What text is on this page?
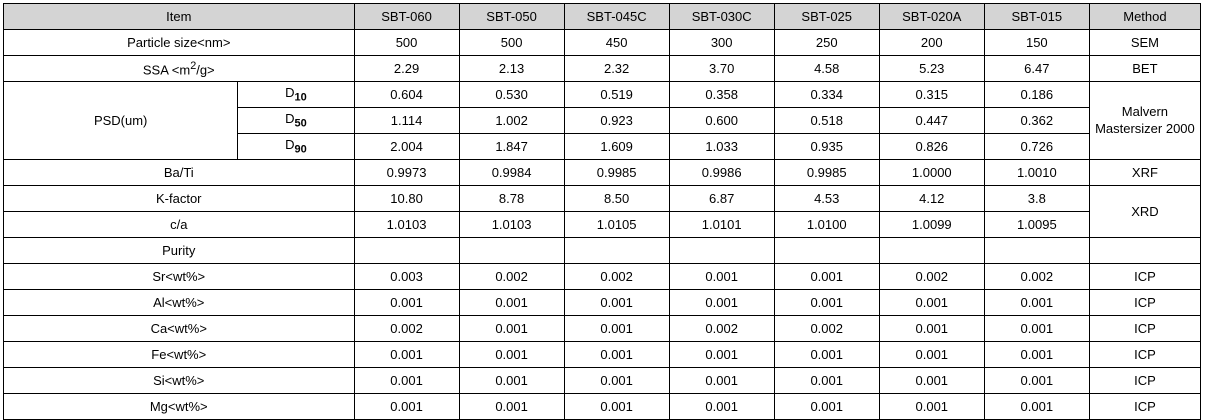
Item		SBT-060	SBT-050	SBT-045C	SBT-030C	SBT-025	SBT-020A	SBT-015	Method
Particle size<nm>		500	500	450	300	250	200	150	SEM
SSA $<m^2/g>$		2.29	2.13	2.32	3.70	4.58	5.23	6.47	BET
PSD(um)	$D_{10}$	0.604	0.530	0.519	0.358	0.334	0.315	0.186	Malvern
Mastersizer 2000
	$D_{50}$	1.114	1.002	0.923	0.600	0.518	0.447	0.362	
	$D_{90}$	2.004	1.847	1.609	1.033	0.935	0.826	0.726	
Ba/Ti		0.9973	0.9984	0.9985	0.9986	0.9985	1.0000	1.0010	XRF
K-factor		10.80	8.78	8.50	6.87	4.53	4.12	3.8	XRD
c/a		1.0103	1.0103	1.0105	1.0101	1.0100	1.0099	1.0095	
Purity									
Sr<wt%>		0.003	0.002	0.002	0.001	0.001	0.002	0.002	ICP
Al<wt%>		0.001	0.001	0.001	0.001	0.001	0.001	0.001	ICP
Ca<wt%>		0.002	0.001	0.001	0.002	0.002	0.001	0.001	ICP
Fe<wt%>		0.001	0.001	0.001	0.001	0.001	0.001	0.001	ICP
Si<wt%>		0.001	0.001	0.001	0.001	0.001	0.001	0.001	ICP
Mg<wt%>		0.001	0.001	0.001	0.001	0.001	0.001	0.001	ICP
